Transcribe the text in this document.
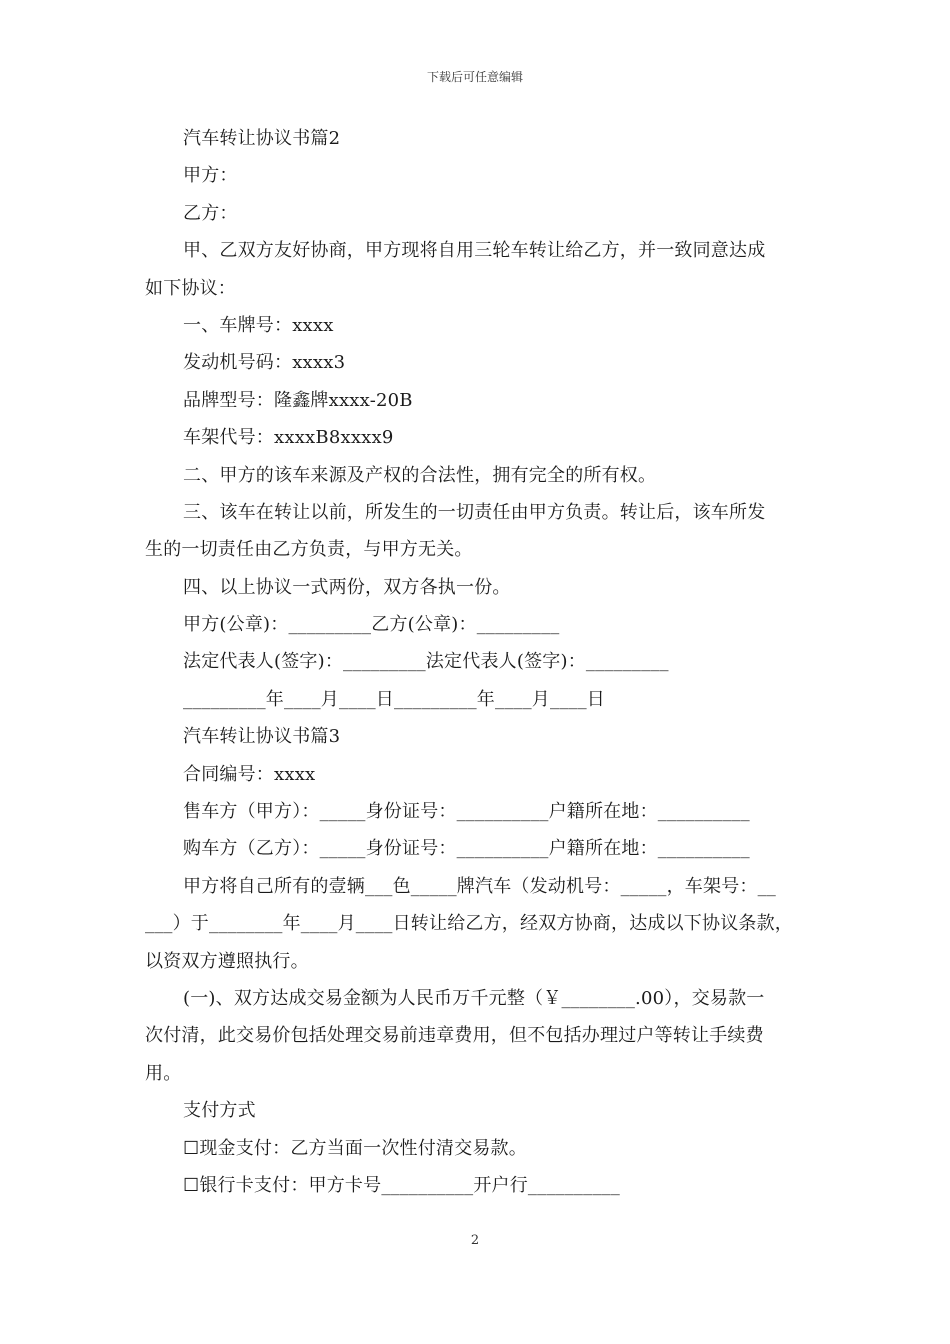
下载后可任意编辑
汽车转让协议书篇2
甲方：
乙方：
甲、乙双方友好协商，甲方现将自用三轮车转让给乙方，并一致同意达成
如下协议：
一、车牌号：xxxx
发动机号码：xxxx3
品牌型号：隆鑫牌xxxx-20B
车架代号：xxxxB8xxxx9
二、甲方的该车来源及产权的合法性，拥有完全的所有权。
三、该车在转让以前，所发生的一切责任由甲方负责。转让后，该车所发
生的一切责任由乙方负责，与甲方无关。
四、以上协议一式两份，双方各执一份。
甲方(公章)：_________乙方(公章)：_________
法定代表人(签字)：_________法定代表人(签字)：_________
_________年____月____日_________年____月____日
汽车转让协议书篇3
合同编号：xxxx
售车方（甲方）：_____身份证号：__________户籍所在地：__________
购车方（乙方）：_____身份证号：__________户籍所在地：__________
甲方将自己所有的壹辆___色_____牌汽车（发动机号：_____，车架号：__
___）于________年____月____日转让给乙方，经双方协商，达成以下协议条款，
以资双方遵照执行。
(一)、双方达成交易金额为人民币万千元整（￥________.00），交易款一
次付清，此交易价包括处理交易前违章费用，但不包括办理过户等转让手续费
用。
支付方式
☐现金支付：乙方当面一次性付清交易款。
☐银行卡支付：甲方卡号__________开户行__________
2
